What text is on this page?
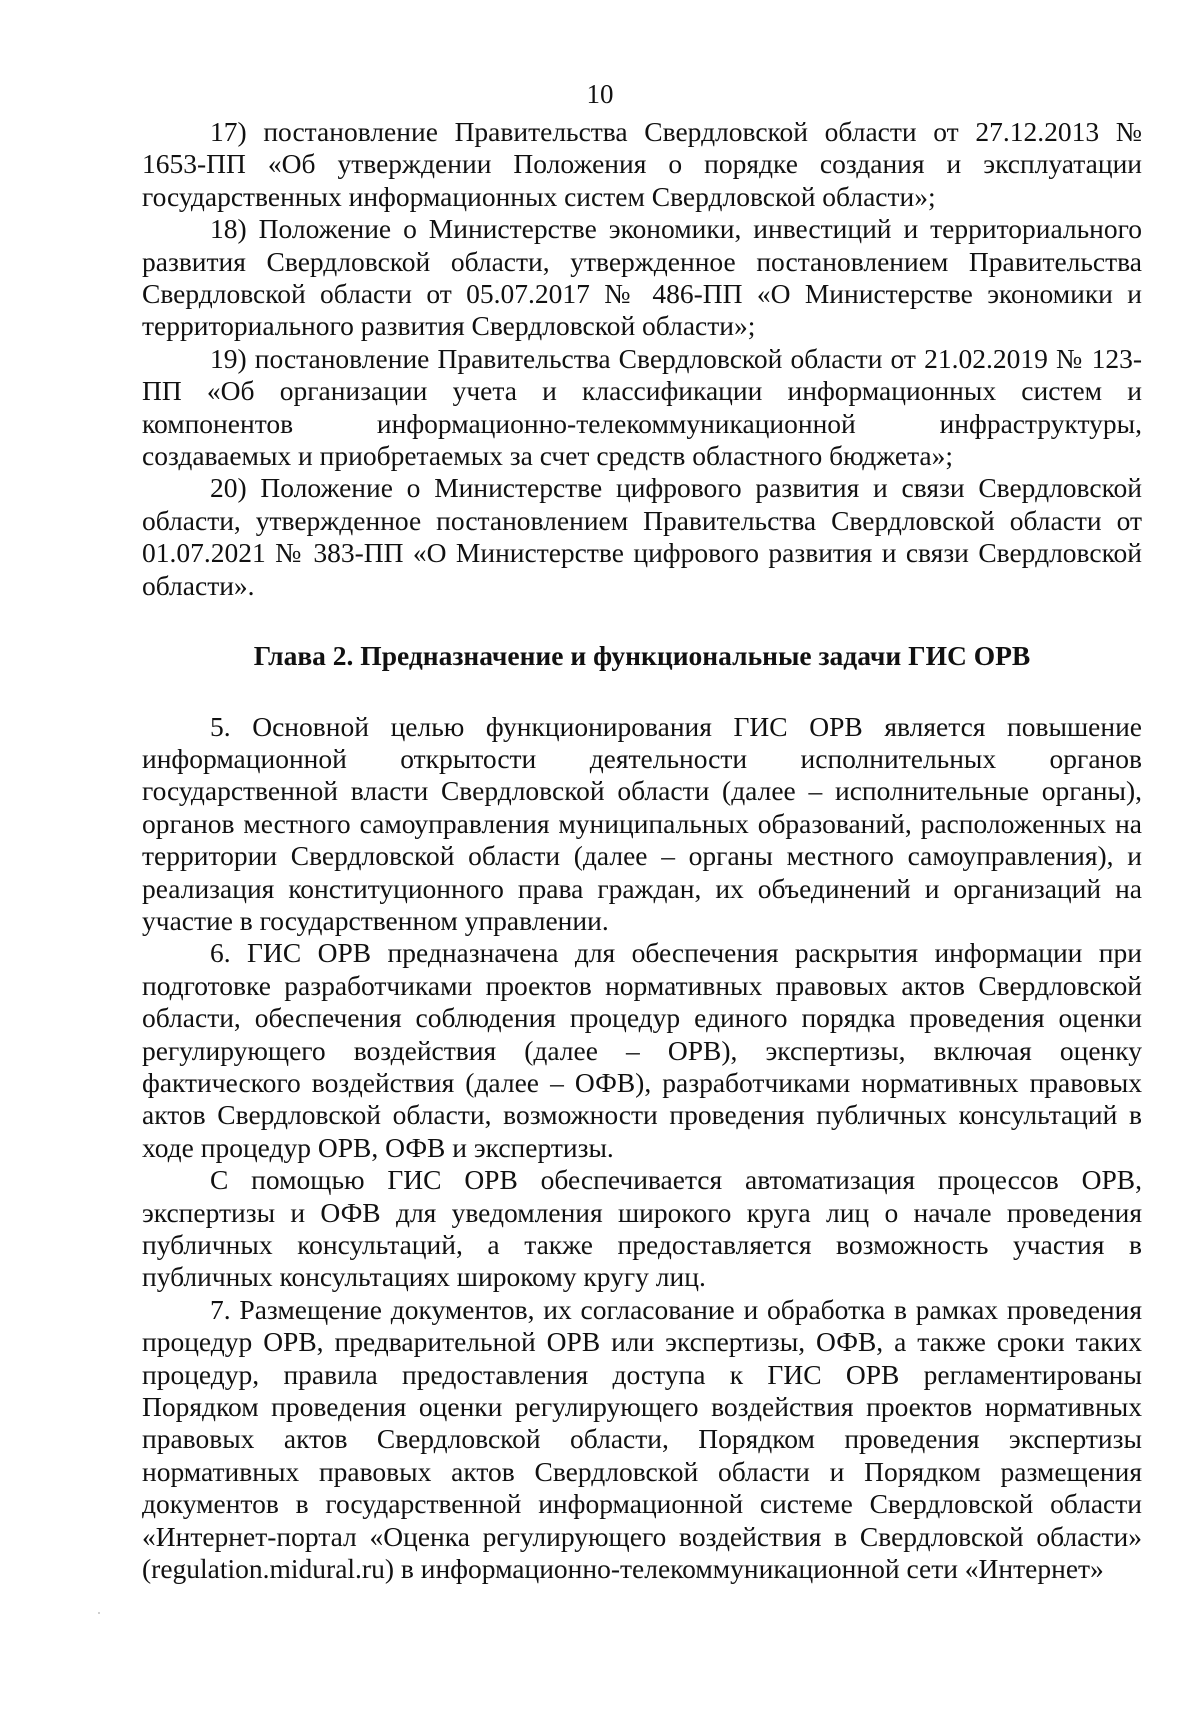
10

17) постановление Правительства Свердловской области от 27.12.2013 № 1653-ПП «Об утверждении Положения о порядке создания и эксплуатации государственных информационных систем Свердловской области»;

18) Положение о Министерстве экономики, инвестиций и территориального развития Свердловской области, утвержденное постановлением Правительства Свердловской области от 05.07.2017 № 486-ПП «О Министерстве экономики и территориального развития Свердловской области»;

19) постановление Правительства Свердловской области от 21.02.2019 № 123-ПП «Об организации учета и классификации информационных систем и компонентов информационно-телекоммуникационной инфраструктуры, создаваемых и приобретаемых за счет средств областного бюджета»;

20) Положение о Министерстве цифрового развития и связи Свердловской области, утвержденное постановлением Правительства Свердловской области от 01.07.2021 № 383-ПП «О Министерстве цифрового развития и связи Свердловской области».

Глава 2. Предназначение и функциональные задачи ГИС ОРВ

5. Основной целью функционирования ГИС ОРВ является повышение информационной открытости деятельности исполнительных органов государственной власти Свердловской области (далее – исполнительные органы), органов местного самоуправления муниципальных образований, расположенных на территории Свердловской области (далее – органы местного самоуправления), и реализация конституционного права граждан, их объединений и организаций на участие в государственном управлении.

6. ГИС ОРВ предназначена для обеспечения раскрытия информации при подготовке разработчиками проектов нормативных правовых актов Свердловской области, обеспечения соблюдения процедур единого порядка проведения оценки регулирующего воздействия (далее – ОРВ), экспертизы, включая оценку фактического воздействия (далее – ОФВ), разработчиками нормативных правовых актов Свердловской области, возможности проведения публичных консультаций в ходе процедур ОРВ, ОФВ и экспертизы.

С помощью ГИС ОРВ обеспечивается автоматизация процессов ОРВ, экспертизы и ОФВ для уведомления широкого круга лиц о начале проведения публичных консультаций, а также предоставляется возможность участия в публичных консультациях широкому кругу лиц.

7. Размещение документов, их согласование и обработка в рамках проведения процедур ОРВ, предварительной ОРВ или экспертизы, ОФВ, а также сроки таких процедур, правила предоставления доступа к ГИС ОРВ регламентированы Порядком проведения оценки регулирующего воздействия проектов нормативных правовых актов Свердловской области, Порядком проведения экспертизы нормативных правовых актов Свердловской области и Порядком размещения документов в государственной информационной системе Свердловской области «Интернет-портал «Оценка регулирующего воздействия в Свердловской области» (regulation.midural.ru) в информационно-телекоммуникационной сети «Интернет»
